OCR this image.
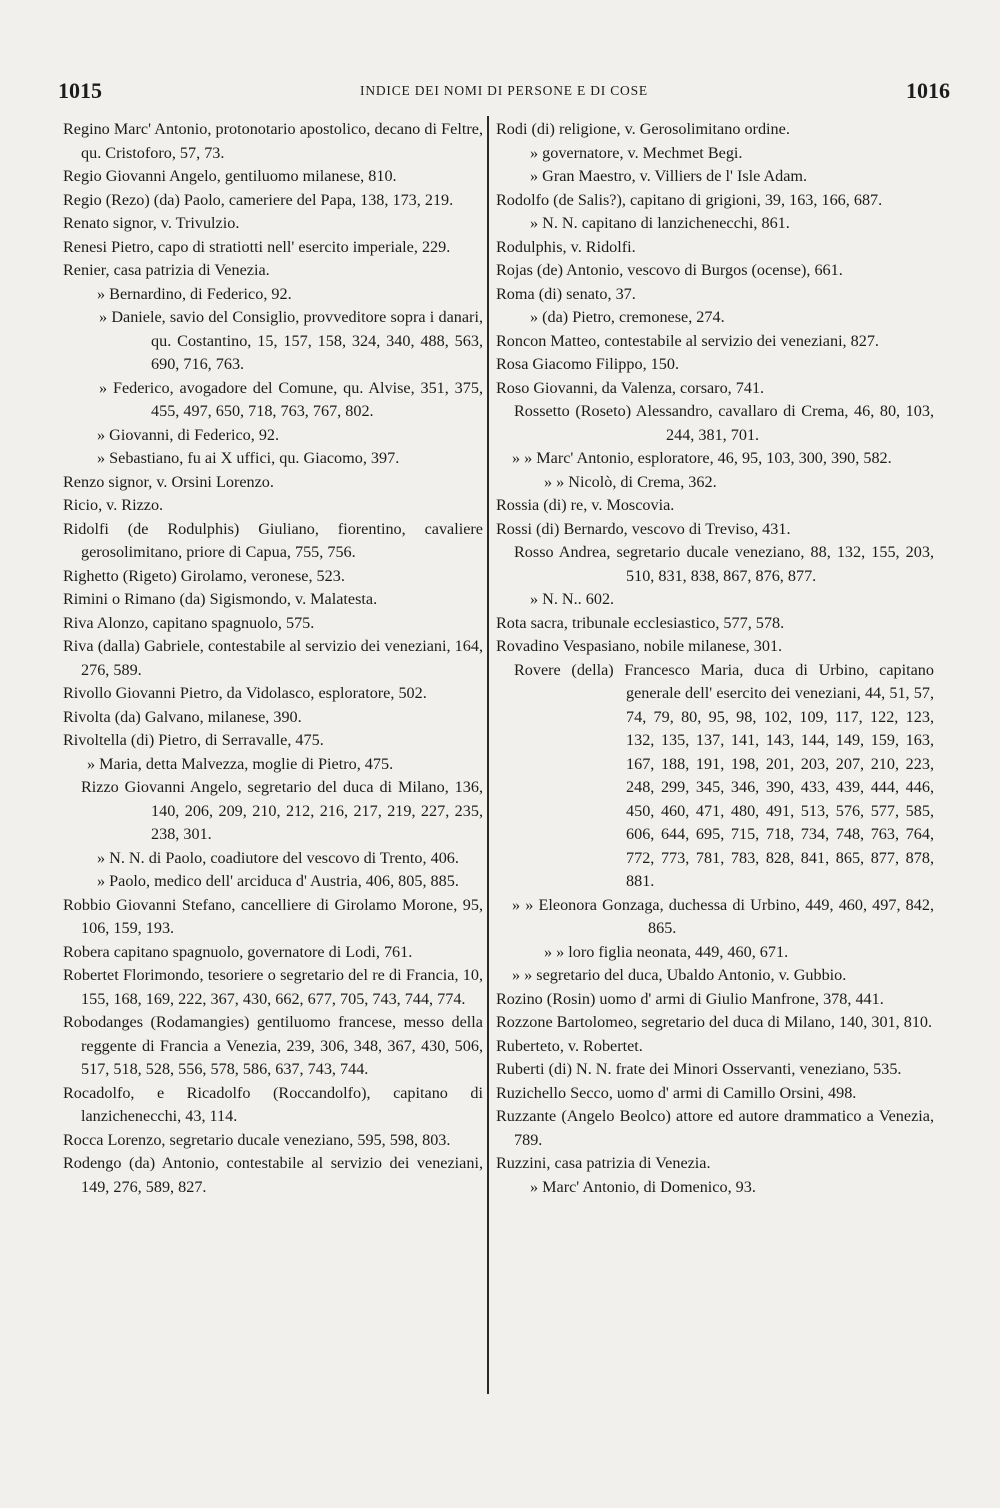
1015	INDICE DEI NOMI DI PERSONE E DI COSE	1016

Regino Marc' Antonio, protonotario apostolico, decano di Feltre, qu. Cristoforo, 57, 73.

Regio Giovanni Angelo, gentiluomo milanese, 810.

Regio (Rezo) (da) Paolo, cameriere del Papa, 138, 173, 219.

Renato signor, v. Trivulzio.

Renesi Pietro, capo di stratiotti nell' esercito imperiale, 229.

Renier, casa patrizia di Venezia.

» Bernardino, di Federico, 92.

» Daniele, savio del Consiglio, provveditore sopra i danari, qu. Costantino, 15, 157, 158, 324, 340, 488, 563, 690, 716, 763.

» Federico, avogadore del Comune, qu. Alvise, 351, 375, 455, 497, 650, 718, 763, 767, 802.

» Giovanni, di Federico, 92.

» Sebastiano, fu ai X uffici, qu. Giacomo, 397.

Renzo signor, v. Orsini Lorenzo.

Ricio, v. Rizzo.

Ridolfi (de Rodulphis) Giuliano, fiorentino, cavaliere gerosolimitano, priore di Capua, 755, 756.

Righetto (Rigeto) Girolamo, veronese, 523.

Rimini o Rimano (da) Sigismondo, v. Malatesta.

Riva Alonzo, capitano spagnuolo, 575.

Riva (dalla) Gabriele, contestabile al servizio dei veneziani, 164, 276, 589.

Rivollo Giovanni Pietro, da Vidolasco, esploratore, 502.

Rivolta (da) Galvano, milanese, 390.

Rivoltella (di) Pietro, di Serravalle, 475.

» Maria, detta Malvezza, moglie di Pietro, 475.

Rizzo Giovanni Angelo, segretario del duca di Milano, 136, 140, 206, 209, 210, 212, 216, 217, 219, 227, 235, 238, 301.

» N. N. di Paolo, coadiutore del vescovo di Trento, 406.

» Paolo, medico dell' arciduca d' Austria, 406, 805, 885.

Robbio Giovanni Stefano, cancelliere di Girolamo Morone, 95, 106, 159, 193.

Robera capitano spagnuolo, governatore di Lodi, 761.

Robertet Florimondo, tesoriere o segretario del re di Francia, 10, 155, 168, 169, 222, 367, 430, 662, 677, 705, 743, 744, 774.

Robodanges (Rodamangies) gentiluomo francese, messo della reggente di Francia a Venezia, 239, 306, 348, 367, 430, 506, 517, 518, 528, 556, 578, 586, 637, 743, 744.

Rocadolfo, e Ricadolfo (Roccandolfo), capitano di lanzichenecchi, 43, 114.

Rocca Lorenzo, segretario ducale veneziano, 595, 598, 803.

Rodengo (da) Antonio, contestabile al servizio dei veneziani, 149, 276, 589, 827.

Rodi (di) religione, v. Gerosolimitano ordine.

» governatore, v. Mechmet Begi.

» Gran Maestro, v. Villiers de l' Isle Adam.

Rodolfo (de Salis?), capitano di grigioni, 39, 163, 166, 687.

» N. N. capitano di lanzichenecchi, 861.

Rodulphis, v. Ridolfi.

Rojas (de) Antonio, vescovo di Burgos (ocense), 661.

Roma (di) senato, 37.

» (da) Pietro, cremonese, 274.

Roncon Matteo, contestabile al servizio dei veneziani, 827.

Rosa Giacomo Filippo, 150.

Roso Giovanni, da Valenza, corsaro, 741.

Rossetto (Roseto) Alessandro, cavallaro di Crema, 46, 80, 103, 244, 381, 701.

» » Marc' Antonio, esploratore, 46, 95, 103, 300, 390, 582.

» » Nicolò, di Crema, 362.

Rossia (di) re, v. Moscovia.

Rossi (di) Bernardo, vescovo di Treviso, 431.

Rosso Andrea, segretario ducale veneziano, 88, 132, 155, 203, 510, 831, 838, 867, 876, 877.

» N. N.. 602.

Rota sacra, tribunale ecclesiastico, 577, 578.

Rovadino Vespasiano, nobile milanese, 301.

Rovere (della) Francesco Maria, duca di Urbino, capitano generale dell' esercito dei veneziani, 44, 51, 57, 74, 79, 80, 95, 98, 102, 109, 117, 122, 123, 132, 135, 137, 141, 143, 144, 149, 159, 163, 167, 188, 191, 198, 201, 203, 207, 210, 223, 248, 299, 345, 346, 390, 433, 439, 444, 446, 450, 460, 471, 480, 491, 513, 576, 577, 585, 606, 644, 695, 715, 718, 734, 748, 763, 764, 772, 773, 781, 783, 828, 841, 865, 877, 878, 881.

» » Eleonora Gonzaga, duchessa di Urbino, 449, 460, 497, 842, 865.

» » loro figlia neonata, 449, 460, 671.

» » segretario del duca, Ubaldo Antonio, v. Gubbio.

Rozino (Rosin) uomo d' armi di Giulio Manfrone, 378, 441.

Rozzone Bartolomeo, segretario del duca di Milano, 140, 301, 810.

Ruberteto, v. Robertet.

Ruberti (di) N. N. frate dei Minori Osservanti, veneziano, 535.

Ruzichello Secco, uomo d' armi di Camillo Orsini, 498.

Ruzzante (Angelo Beolco) attore ed autore drammatico a Venezia, 789.

Ruzzini, casa patrizia di Venezia.

» Marc' Antonio, di Domenico, 93.
